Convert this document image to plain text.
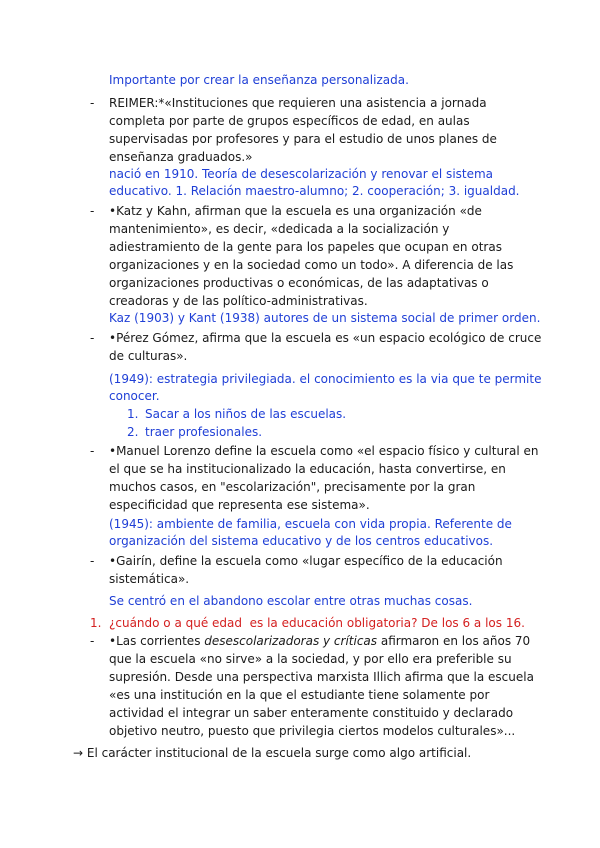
Importante por crear la enseñanza personalizada.

-	REIMER:*«Instituciones que requieren una asistencia a jornada

completa por parte de grupos específicos de edad, en aulas

supervisadas por profesores y para el estudio de unos planes de

enseñanza graduados.»

nació en 1910. Teoría de desescolarización y renovar el sistema

educativo. 1. Relación maestro-alumno; 2. cooperación; 3. igualdad.

-	•Katz y Kahn, afirman que la escuela es una organización «de

mantenimiento», es decir, «dedicada a la socialización y

adiestramiento de la gente para los papeles que ocupan en otras

organizaciones y en la sociedad como un todo». A diferencia de las

organizaciones productivas o económicas, de las adaptativas o

creadoras y de las político-administrativas.

Kaz (1903) y Kant (1938) autores de un sistema social de primer orden.

-	•Pérez Gómez, afirma que la escuela es «un espacio ecológico de cruce

de culturas».

(1949): estrategia privilegiada. el conocimiento es la via que te permite

conocer.

1. Sacar a los niños de las escuelas.

2. traer profesionales.

-	•Manuel Lorenzo define la escuela como «el espacio físico y cultural en

el que se ha institucionalizado la educación, hasta convertirse, en

muchos casos, en "escolarización", precisamente por la gran

especificidad que representa ese sistema».

(1945): ambiente de familia, escuela con vida propia. Referente de

organización del sistema educativo y de los centros educativos.

-	•Gairín, define la escuela como «lugar específico de la educación

sistemática».

Se centró en el abandono escolar entre otras muchas cosas.

1. ¿cuándo o a qué edad  es la educación obligatoria? De los 6 a los 16.

-	•Las corrientes desescolarizadoras y críticas afirmaron en los años 70

que la escuela «no sirve» a la sociedad, y por ello era preferible su

supresión. Desde una perspectiva marxista Illich afirma que la escuela

«es una institución en la que el estudiante tiene solamente por

actividad el integrar un saber enteramente constituido y declarado

objetivo neutro, puesto que privilegia ciertos modelos culturales»...

→ El carácter institucional de la escuela surge como algo artificial.
